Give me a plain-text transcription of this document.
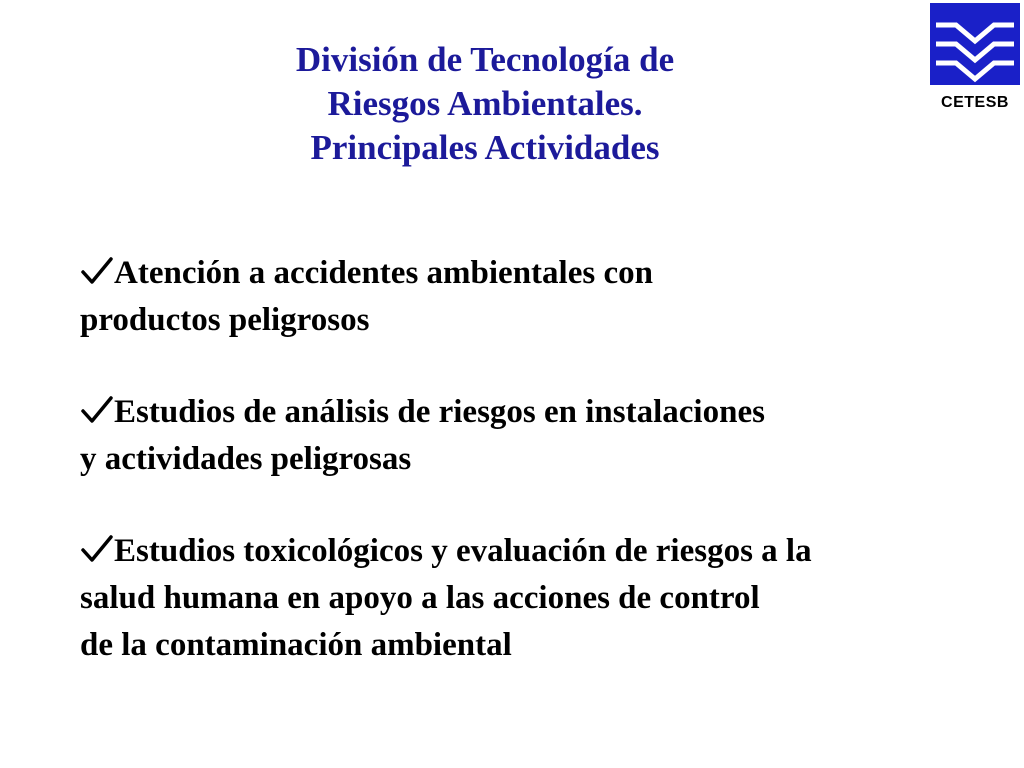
CETESB
División de Tecnología de
Riesgos Ambientales.
Principales Actividades
Atención a accidentes ambientales con
productos peligrosos
Estudios de análisis de riesgos en instalaciones
y actividades peligrosas
Estudios toxicológicos y evaluación de riesgos a la
salud humana en apoyo a las acciones de control
de la contaminación ambiental
